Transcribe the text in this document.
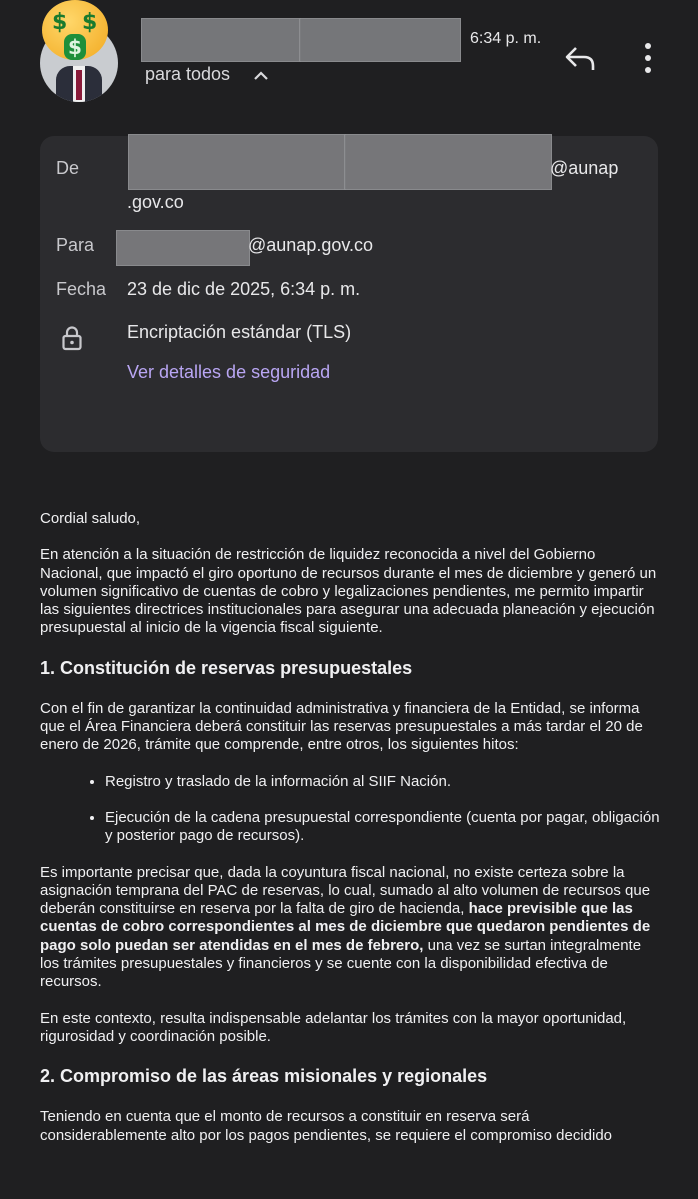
$ $
$	6:34 p. m.
para todos
De	@aunap
.gov.co
Para	@aunap.gov.co
Fecha 23 de dic de 2025, 6:34 p. m.
Encriptación estándar (TLS)
Ver detalles de seguridad

Cordial saludo,

En atención a la situación de restricción de liquidez reconocida a nivel del Gobierno Nacional, que impactó el giro oportuno de recursos durante el mes de diciembre y generó un volumen significativo de cuentas de cobro y legalizaciones pendientes, me permito impartir las siguientes directrices institucionales para asegurar una adecuada planeación y ejecución presupuestal al inicio de la vigencia fiscal siguiente.

1. Constitución de reservas presupuestales

Con el fin de garantizar la continuidad administrativa y financiera de la Entidad, se informa que el Área Financiera deberá constituir las reservas presupuestales a más tardar el 20 de enero de 2026, trámite que comprende, entre otros, los siguientes hitos:

• Registro y traslado de la información al SIIF Nación.
• Ejecución de la cadena presupuestal correspondiente (cuenta por pagar, obligación y posterior pago de recursos).

Es importante precisar que, dada la coyuntura fiscal nacional, no existe certeza sobre la asignación temprana del PAC de reservas, lo cual, sumado al alto volumen de recursos que deberán constituirse en reserva por la falta de giro de hacienda, hace previsible que las cuentas de cobro correspondientes al mes de diciembre que quedaron pendientes de pago solo puedan ser atendidas en el mes de febrero, una vez se surtan integralmente los trámites presupuestales y financieros y se cuente con la disponibilidad efectiva de recursos.

En este contexto, resulta indispensable adelantar los trámites con la mayor oportunidad, rigurosidad y coordinación posible.

2. Compromiso de las áreas misionales y regionales

Teniendo en cuenta que el monto de recursos a constituir en reserva será considerablemente alto por los pagos pendientes, se requiere el compromiso decidido
